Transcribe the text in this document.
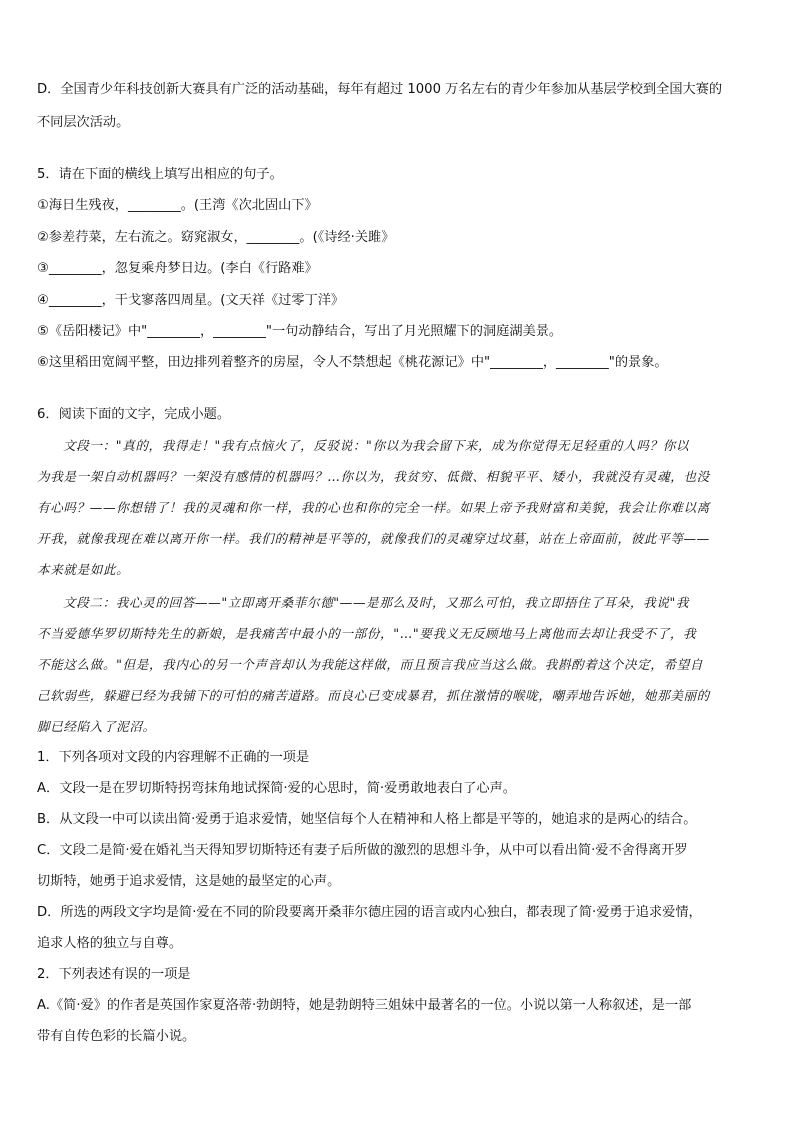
D．全国青少年科技创新大赛具有广泛的活动基础，每年有超过 1000 万名左右的青少年参加从基层学校到全国大赛的
不同层次活动。
5．请在下面的横线上填写出相应的句子。
①海日生残夜，________。(王湾《次北固山下》
②参差荇菜，左右流之。窈窕淑女，________。(《诗经·关雎》
③________，忽复乘舟梦日边。(李白《行路难》
④________，干戈寥落四周星。(文天祥《过零丁洋》
⑤《岳阳楼记》中"________，________"一句动静结合，写出了月光照耀下的洞庭湖美景。
⑥这里稻田宽阔平整，田边排列着整齐的房屋，令人不禁想起《桃花源记》中"________，________"的景象。
6．阅读下面的文字，完成小题。
文段一："真的，我得走！"我有点恼火了，反驳说："你以为我会留下来，成为你觉得无足轻重的人吗？你以
为我是一架自动机器吗？一架没有感情的机器吗？…你以为，我贫穷、低微、相貌平平、矮小，我就没有灵魂，也没
有心吗？——你想错了！我的灵魂和你一样，我的心也和你的完全一样。如果上帝予我财富和美貌，我会让你难以离
开我，就像我现在难以离开你一样。我们的精神是平等的，就像我们的灵魂穿过坟墓，站在上帝面前，彼此平等——
本来就是如此。
文段二：我心灵的回答——"立即离开桑菲尔德"——是那么及时，又那么可怕，我立即捂住了耳朵，我说"我
不当爱德华罗切斯特先生的新娘，是我痛苦中最小的一部份，"…"要我义无反顾地马上离他而去却让我受不了，我
不能这么做。"但是，我内心的另一个声音却认为我能这样做，而且预言我应当这么做。我斟酌着这个决定，希望自
己软弱些，躲避已经为我铺下的可怕的痛苦道路。而良心已变成暴君，抓住激情的喉咙，嘲弄地告诉她，她那美丽的
脚已经陷入了泥沼。
1．下列各项对文段的内容理解不正确的一项是
A．文段一是在罗切斯特拐弯抹角地试探简·爱的心思时，简·爱勇敢地表白了心声。
B．从文段一中可以读出简·爱勇于追求爱情，她坚信每个人在精神和人格上都是平等的，她追求的是两心的结合。
C．文段二是简·爱在婚礼当天得知罗切斯特还有妻子后所做的激烈的思想斗争，从中可以看出简·爱不舍得离开罗
切斯特，她勇于追求爱情，这是她的最坚定的心声。
D．所选的两段文字均是简·爱在不同的阶段要离开桑菲尔德庄园的语言或内心独白，都表现了简·爱勇于追求爱情，
追求人格的独立与自尊。
2．下列表述有误的一项是
A.《简·爱》的作者是英国作家夏洛蒂·勃朗特，她是勃朗特三姐妹中最著名的一位。小说以第一人称叙述，是一部
带有自传色彩的长篇小说。
